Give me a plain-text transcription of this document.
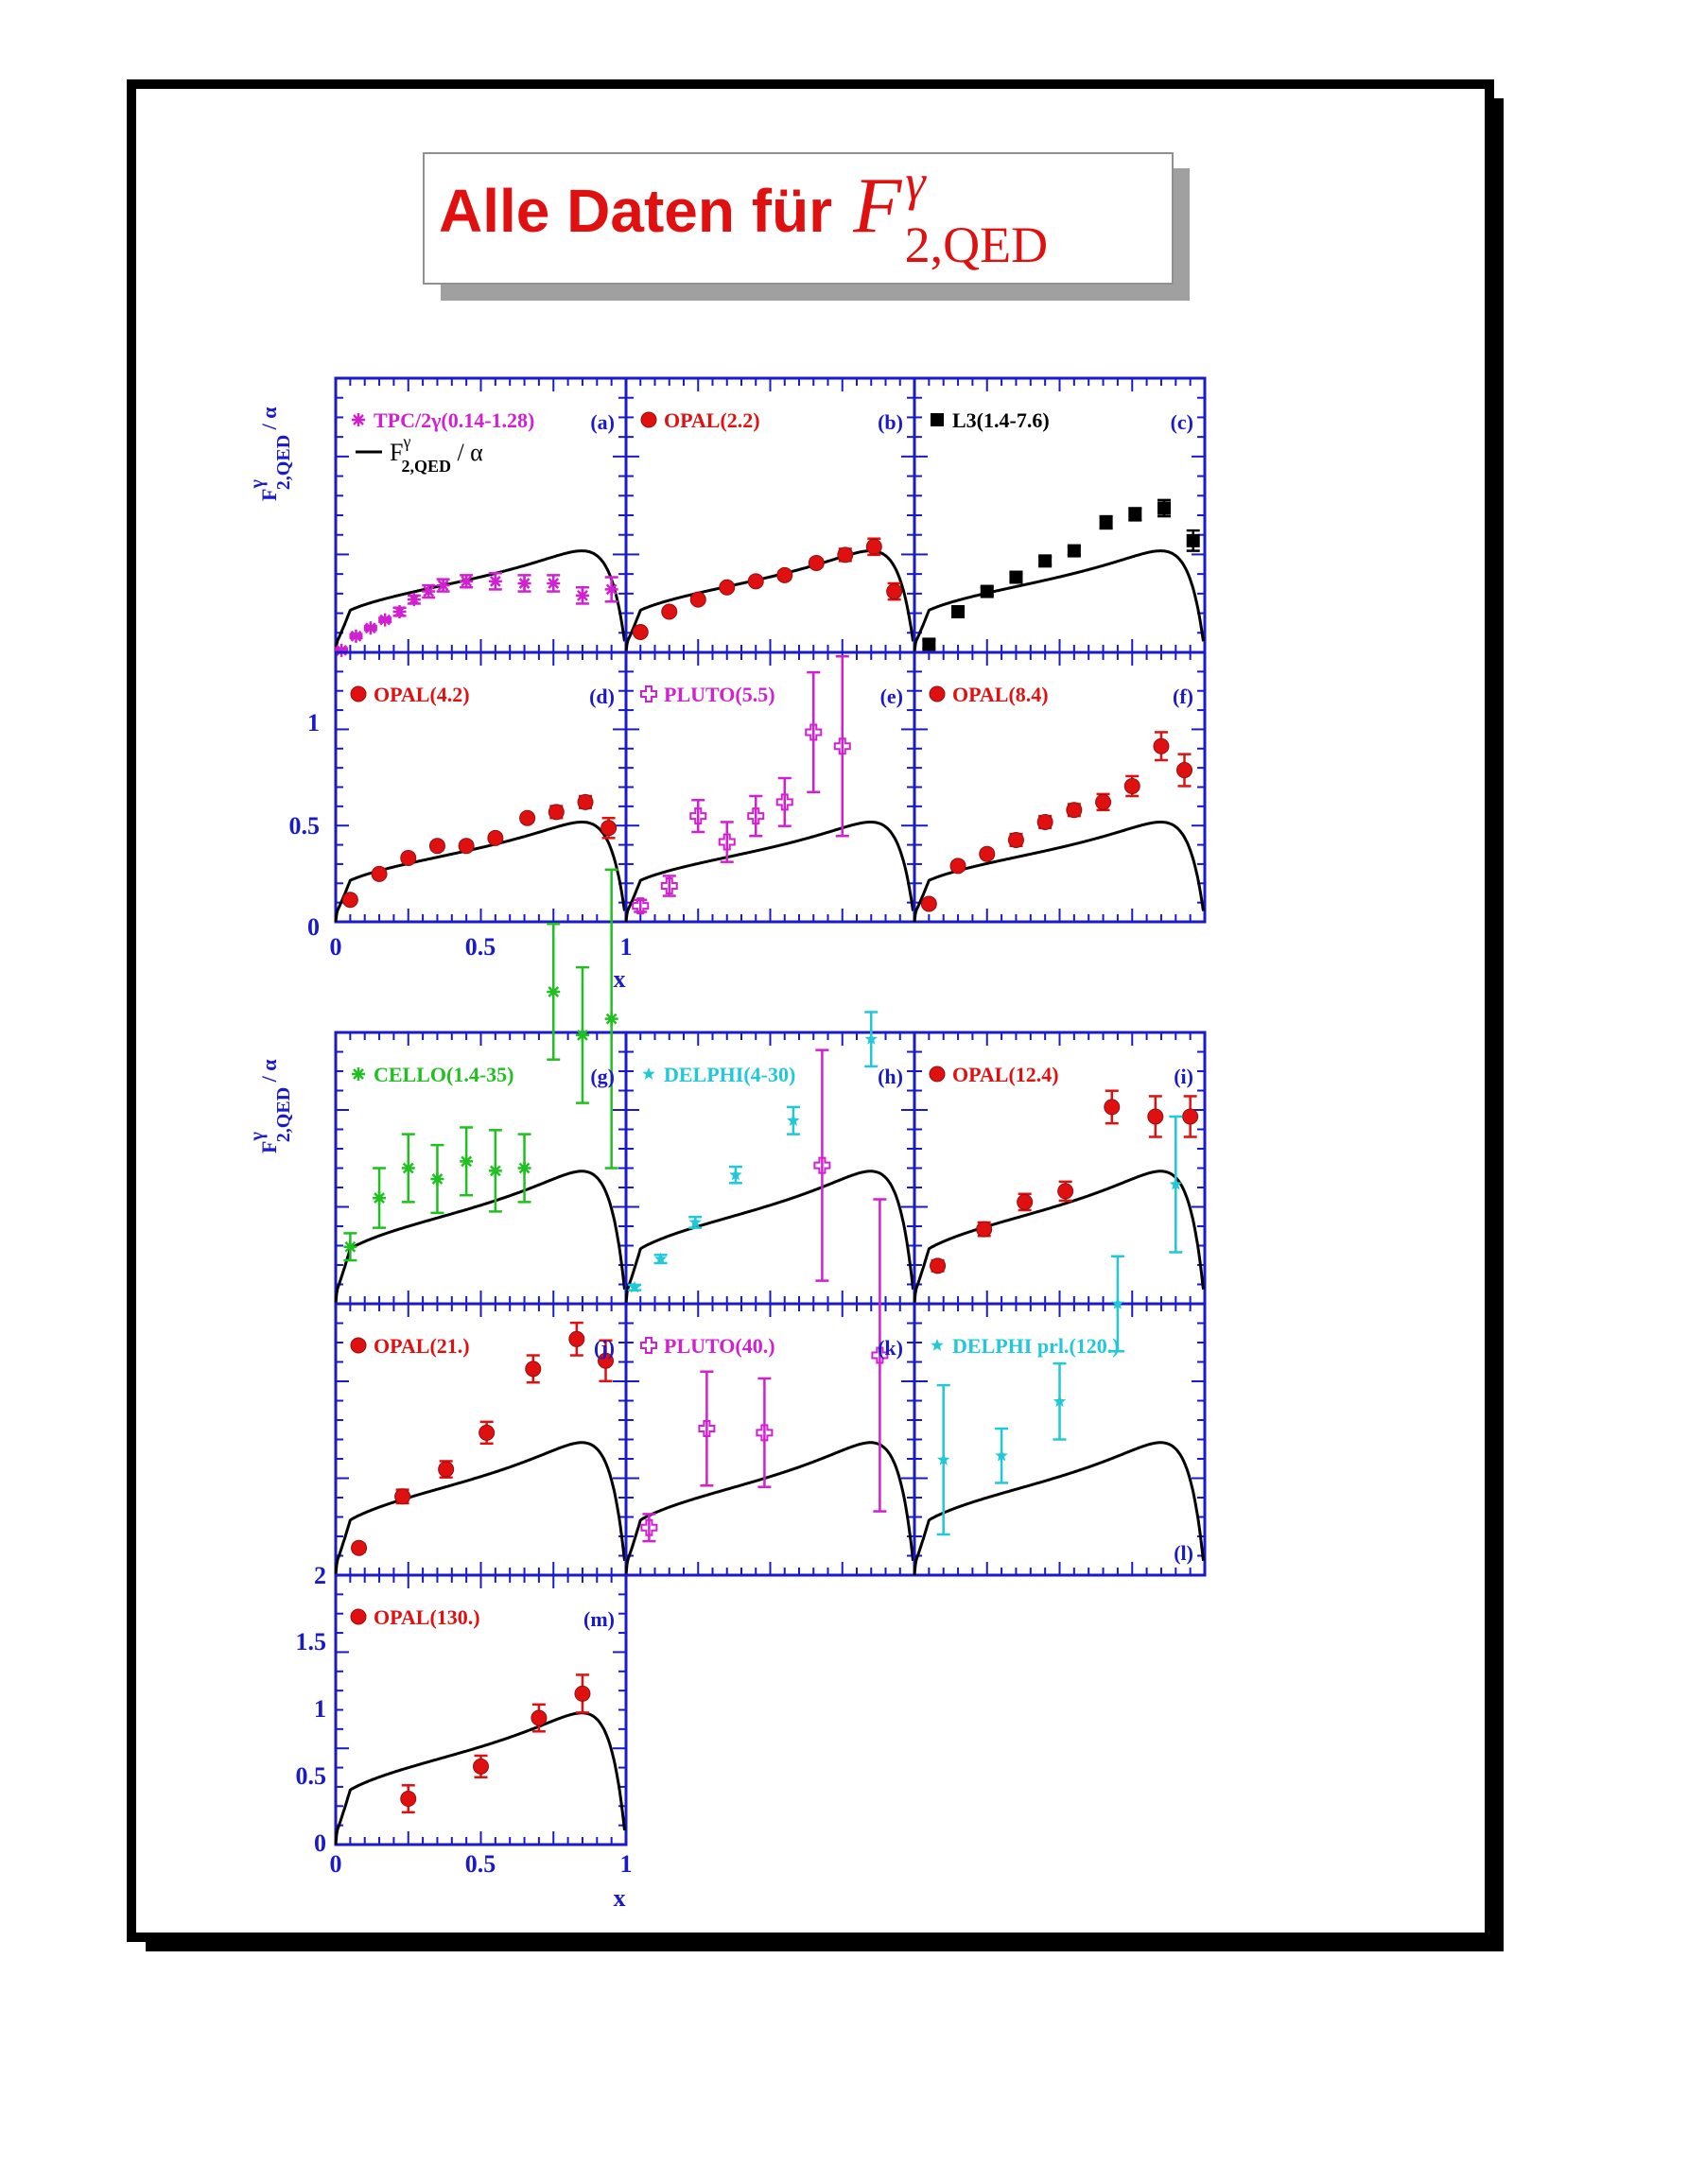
Alle Daten für F γ 2,QED
Fγ 2,QED / α
Fγ 2,QED / α
0
0.5
1
0	0.5	1
x
0
0.5
1
1.5
2
0	0.5	1
x
$F^\gamma$ 2,QED / α
TPC/2γ(0.14-1.28)	(a) OPAL(2.2)	(b) L3(1.4-7.6)	(c)
OPAL(4.2)	(d) PLUTO(5.5)	(e) OPAL(8.4)	(f)
CELLO(1.4-35)	(g) DELPHI(4-30)	(h) OPAL(12.4)	(i)
OPAL(21.)	(j) PLUTO(40.)	(k) DELPHI prl.(120.)
(l)
OPAL(130.)	(m)
